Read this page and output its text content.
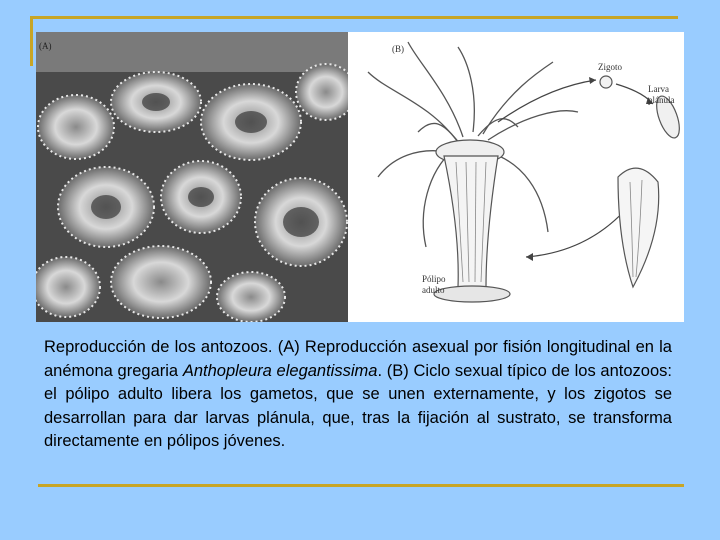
(A)	(B)
Zigoto
Larva
plánula
Pólipo
adulto
Reproducción de los antozoos. (A) Reproducción asexual por fisión longitudinal en la anémona gregaria Anthopleura elegantissima. (B) Ciclo sexual típico de los antozoos: el pólipo adulto libera los gametos, que se unen externamente, y los zigotos se desarrollan para dar larvas plánula, que, tras la fijación al sustrato, se transforma directamente en pólipos jóvenes.
